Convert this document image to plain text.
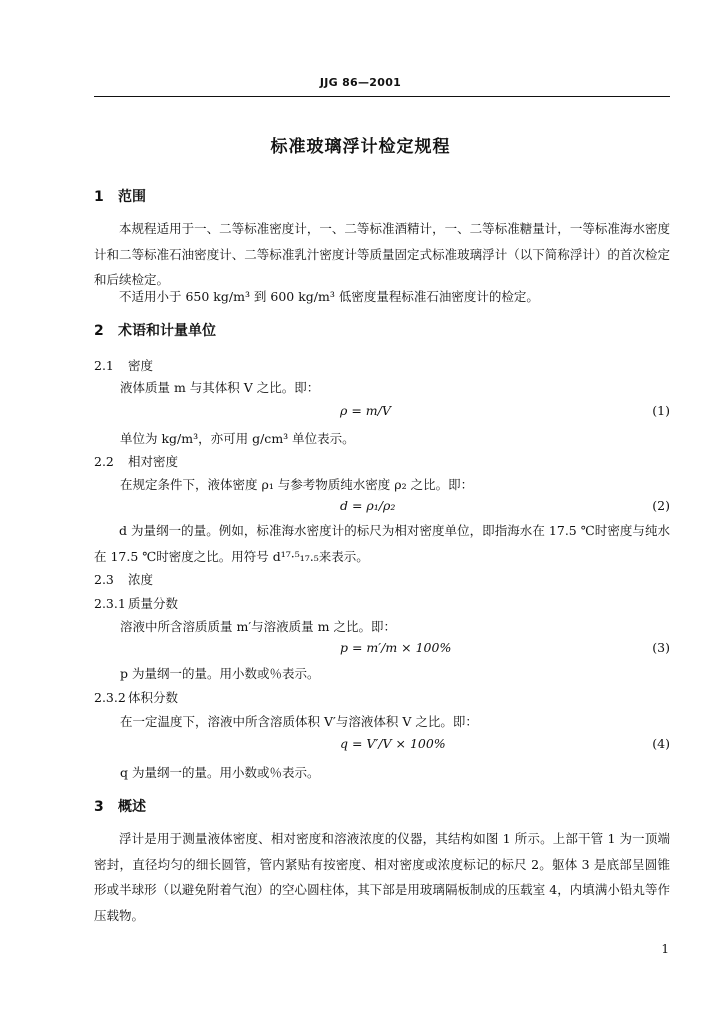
JJG 86—2001
标准玻璃浮计检定规程
1 范围
本规程适用于一、二等标准密度计，一、二等标准酒精计，一、二等标准糖量计，一等标准海水密度计和二等标准石油密度计、二等标准乳汁密度计等质量固定式标准玻璃浮计（以下简称浮计）的首次检定和后续检定。
不适用小于 650 kg/m³ 到 600 kg/m³ 低密度量程标准石油密度计的检定。
2 术语和计量单位
2.1 密度
液体质量 m 与其体积 V 之比。即：
ρ = m/V	(1)
单位为 kg/m³，亦可用 g/cm³ 单位表示。
2.2 相对密度
在规定条件下，液体密度 ρ₁ 与参考物质纯水密度 ρ₂ 之比。即：
d = ρ₁/ρ₂	(2)
d 为量纲一的量。例如，标准海水密度计的标尺为相对密度单位，即指海水在 17.5 ℃时密度与纯水在 17.5 ℃时密度之比。用符号 d¹⁷·⁵₁₇.₅来表示。
2.3 浓度
2.3.1 质量分数
溶液中所含溶质质量 m′与溶液质量 m 之比。即：
p = m′/m × 100%	(3)
p 为量纲一的量。用小数或％表示。
2.3.2 体积分数
在一定温度下，溶液中所含溶质体积 V′与溶液体积 V 之比。即：
q = V′/V × 100%	(4)
q 为量纲一的量。用小数或％表示。
3 概述
浮计是用于测量液体密度、相对密度和溶液浓度的仪器，其结构如图 1 所示。上部干管 1 为一顶端密封，直径均匀的细长圆管，管内紧贴有按密度、相对密度或浓度标记的标尺 2。躯体 3 是底部呈圆锥形或半球形（以避免附着气泡）的空心圆柱体，其下部是用玻璃隔板制成的压载室 4，内填满小铅丸等作压载物。
1
